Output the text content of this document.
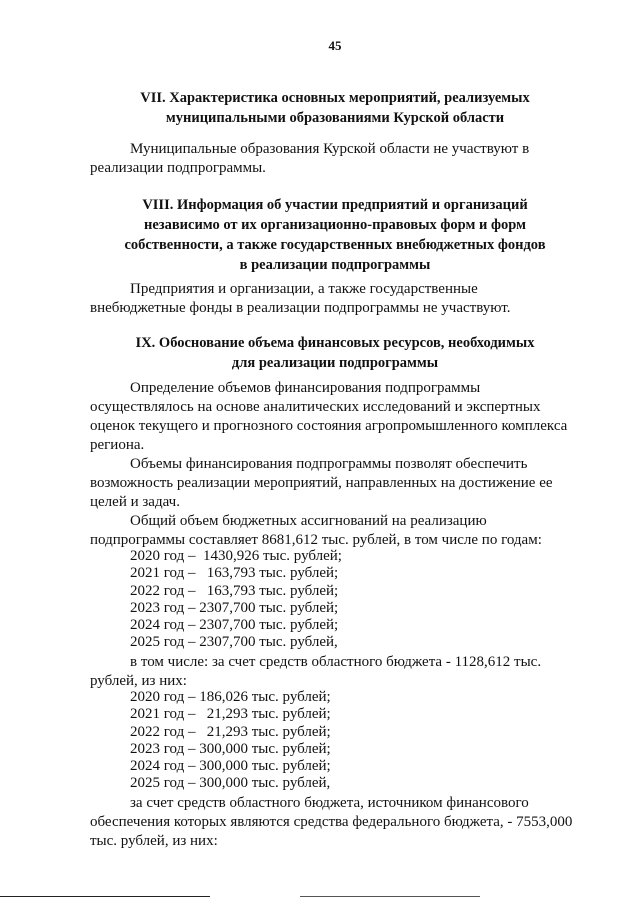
45
VII. Характеристика основных мероприятий, реализуемых
муниципальными образованиями Курской области
Муниципальные образования Курской области не участвуют в
реализации подпрограммы.
VIII. Информация об участии предприятий и организаций
независимо от их организационно-правовых форм и форм
собственности, а также государственных внебюджетных фондов
в реализации подпрограммы
Предприятия и организации, а также государственные
внебюджетные фонды в реализации подпрограммы не участвуют.
IX. Обоснование объема финансовых ресурсов, необходимых
для реализации подпрограммы
Определение объемов финансирования подпрограммы
осуществлялось на основе аналитических исследований и экспертных
оценок текущего и прогнозного состояния агропромышленного комплекса
региона.
Объемы финансирования подпрограммы позволят обеспечить
возможность реализации мероприятий, направленных на достижение ее
целей и задач.
Общий объем бюджетных ассигнований на реализацию
подпрограммы составляет 8681,612 тыс. рублей, в том числе по годам:
2020 год –  1430,926 тыс. рублей;
2021 год –   163,793 тыс. рублей;
2022 год –   163,793 тыс. рублей;
2023 год – 2307,700 тыс. рублей;
2024 год – 2307,700 тыс. рублей;
2025 год – 2307,700 тыс. рублей,
в том числе: за счет средств областного бюджета - 1128,612 тыс.
рублей, из них:
2020 год – 186,026 тыс. рублей;
2021 год –   21,293 тыс. рублей;
2022 год –   21,293 тыс. рублей;
2023 год – 300,000 тыс. рублей;
2024 год – 300,000 тыс. рублей;
2025 год – 300,000 тыс. рублей,
за счет средств областного бюджета, источником финансового
обеспечения которых являются средства федерального бюджета, - 7553,000
тыс. рублей, из них:
